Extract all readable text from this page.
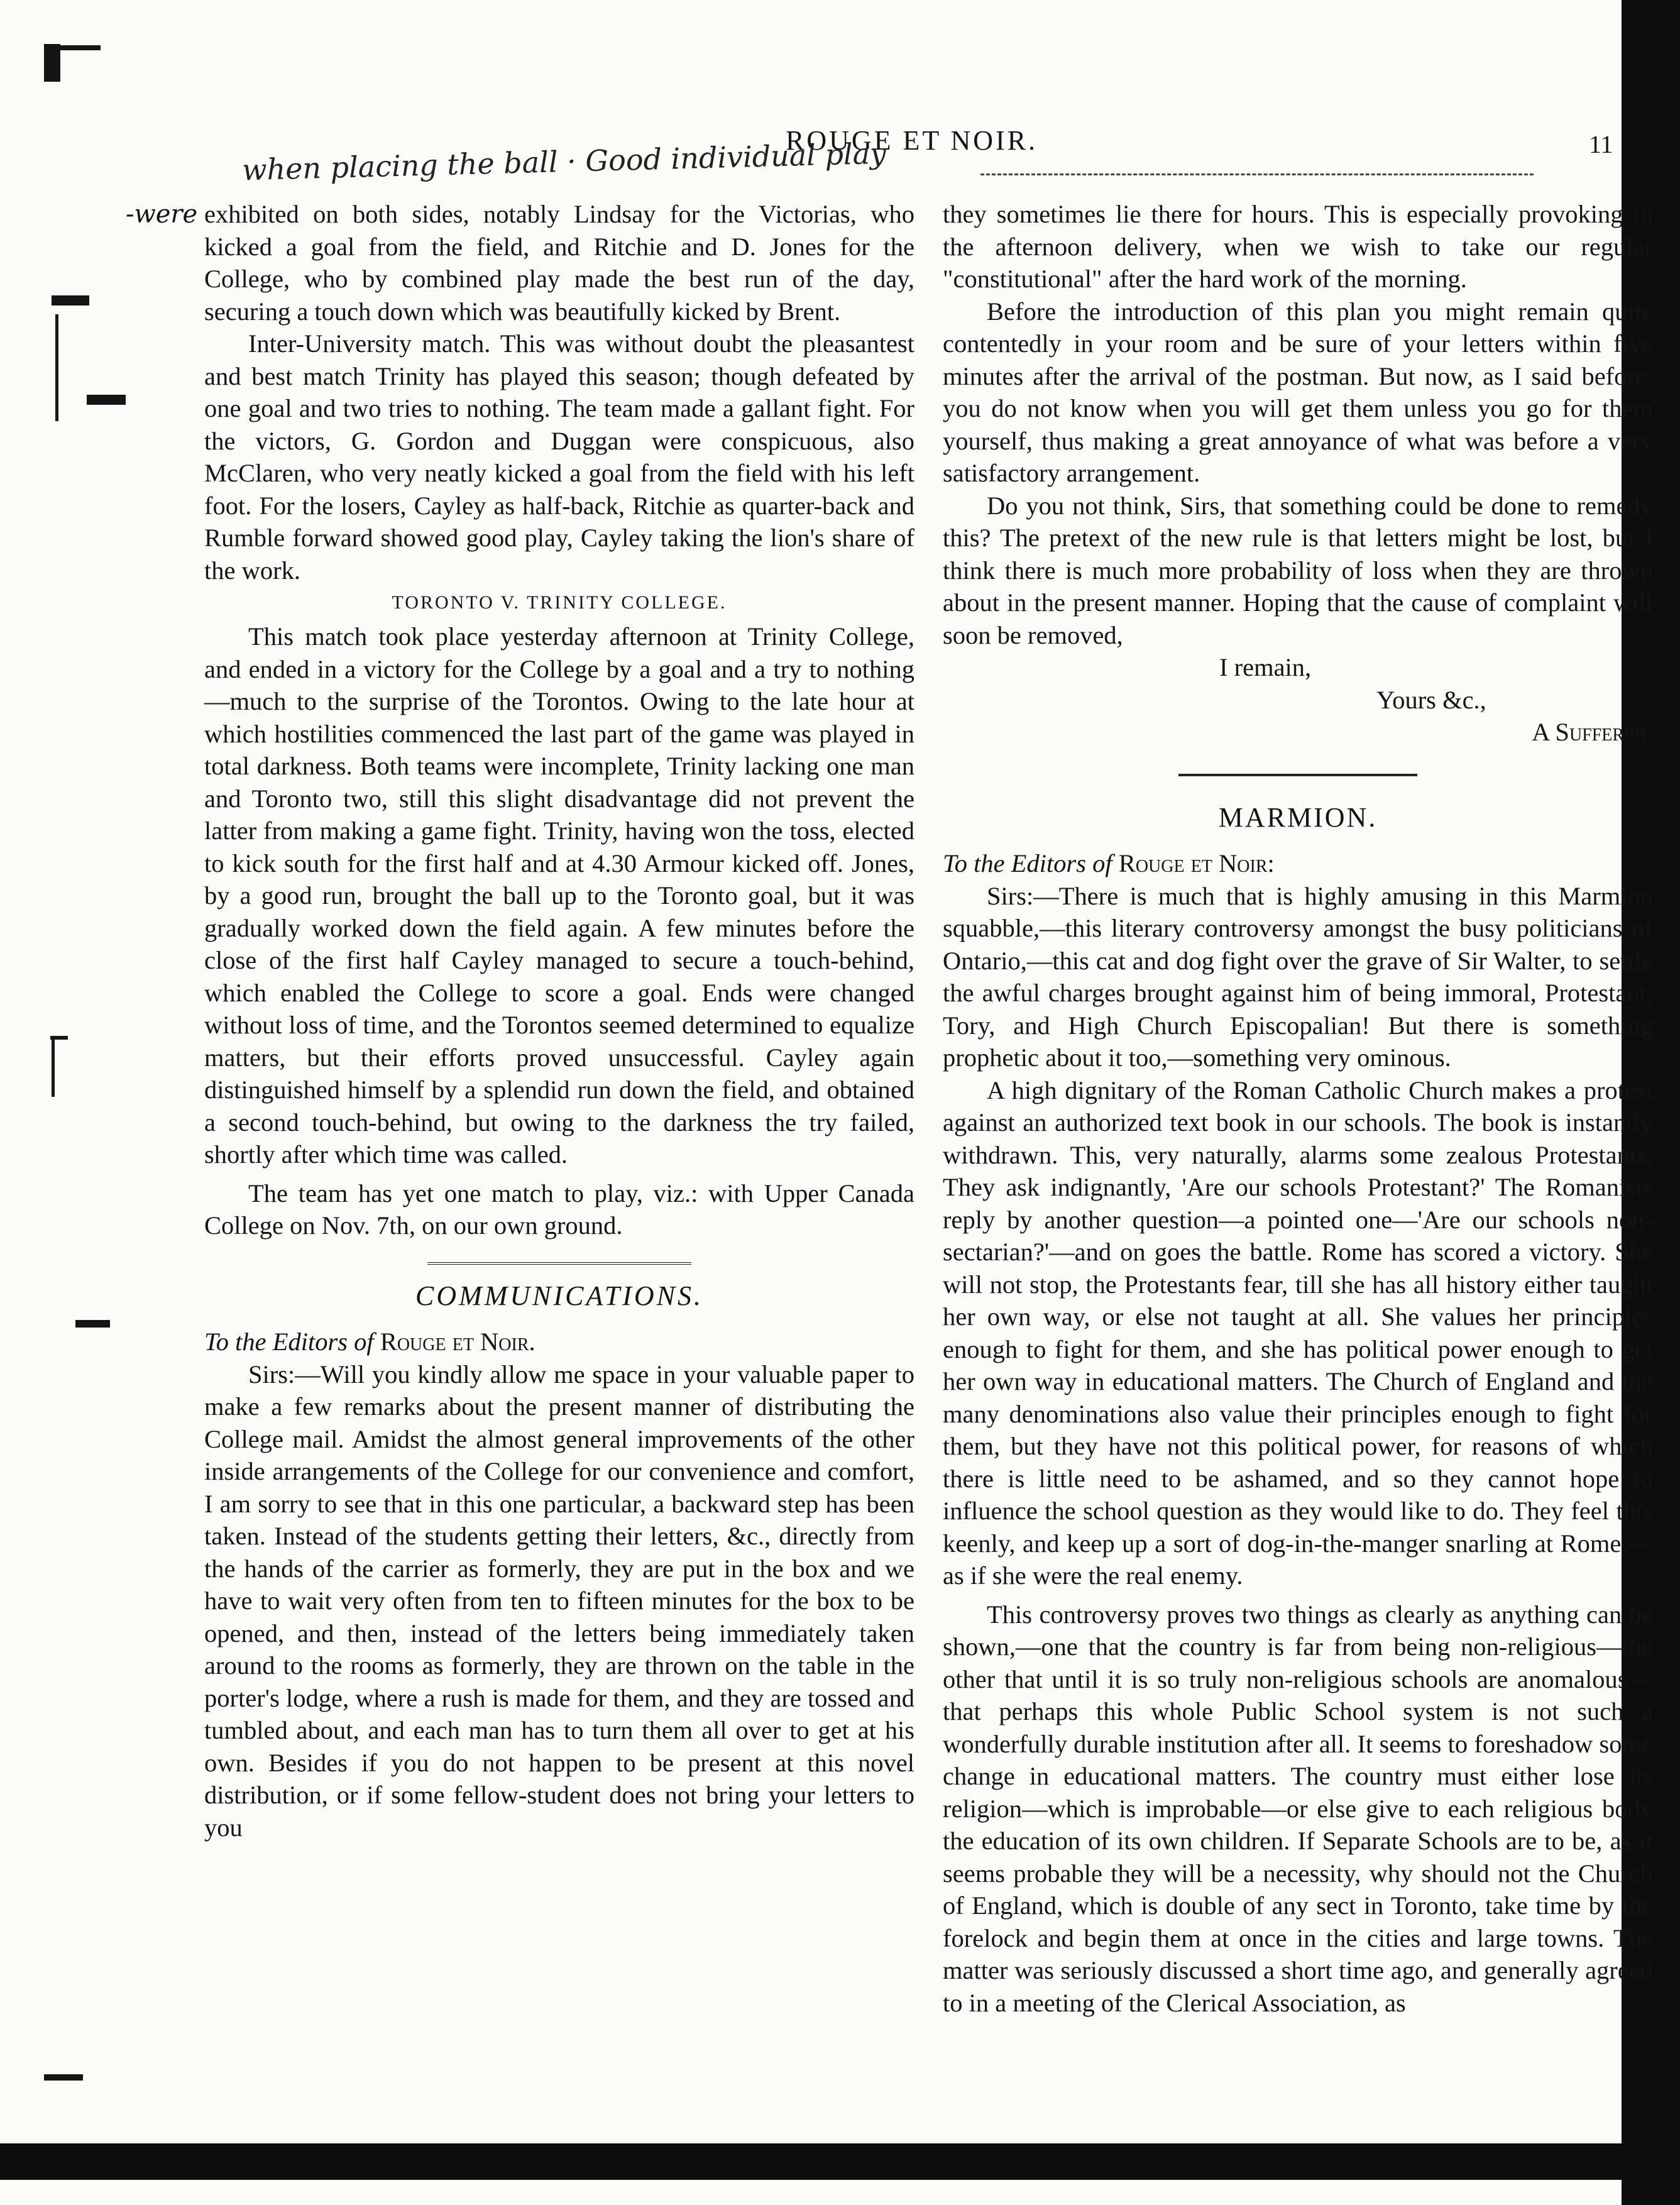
ROUGE ET NOIR.	11
when placing the ball · Good individual play
-were exhibited on both sides, notably Lindsay for the Victorias, who kicked a goal from the field, and Ritchie and D. Jones for the College, who by combined play made the best run of the day, securing a touch down which was beautifully kicked by Brent.

Inter-University match. This was without doubt the pleasantest and best match Trinity has played this season; though defeated by one goal and two tries to nothing. The team made a gallant fight. For the victors, G. Gordon and Duggan were conspicuous, also McClaren, who very neatly kicked a goal from the field with his left foot. For the losers, Cayley as half-back, Ritchie as quarter-back and Rumble forward showed good play, Cayley taking the lion's share of the work.

TORONTO V. TRINITY COLLEGE.

This match took place yesterday afternoon at Trinity College, and ended in a victory for the College by a goal and a try to nothing—much to the surprise of the Torontos. Owing to the late hour at which hostilities commenced the last part of the game was played in total darkness. Both teams were incomplete, Trinity lacking one man and Toronto two, still this slight disadvantage did not prevent the latter from making a game fight. Trinity, having won the toss, elected to kick south for the first half and at 4.30 Armour kicked off. Jones, by a good run, brought the ball up to the Toronto goal, but it was gradually worked down the field again. A few minutes before the close of the first half Cayley managed to secure a touch-behind, which enabled the College to score a goal. Ends were changed without loss of time, and the Torontos seemed determined to equalize matters, but their efforts proved unsuccessful. Cayley again distinguished himself by a splendid run down the field, and obtained a second touch-behind, but owing to the darkness the try failed, shortly after which time was called.

The team has yet one match to play, viz.: with Upper Canada College on Nov. 7th, on our own ground.

COMMUNICATIONS.

To the Editors of Rouge et Noir.

Sirs:—Will you kindly allow me space in your valuable paper to make a few remarks about the present manner of distributing the College mail. Amidst the almost general improvements of the other inside arrangements of the College for our convenience and comfort, I am sorry to see that in this one particular, a backward step has been taken. Instead of the students getting their letters, &c., directly from the hands of the carrier as formerly, they are put in the box and we have to wait very often from ten to fifteen minutes for the box to be opened, and then, instead of the letters being immediately taken around to the rooms as formerly, they are thrown on the table in the porter's lodge, where a rush is made for them, and they are tossed and tumbled about, and each man has to turn them all over to get at his own. Besides if you do not happen to be present at this novel distribution, or if some fellow-student does not bring your letters to you

they sometimes lie there for hours. This is especially provoking in the afternoon delivery, when we wish to take our regular "constitutional" after the hard work of the morning.

Before the introduction of this plan you might remain quite contentedly in your room and be sure of your letters within five minutes after the arrival of the postman. But now, as I said before, you do not know when you will get them unless you go for them yourself, thus making a great annoyance of what was before a very satisfactory arrangement.

Do you not think, Sirs, that something could be done to remedy this? The pretext of the new rule is that letters might be lost, but I think there is much more probability of loss when they are thrown about in the present manner. Hoping that the cause of complaint will soon be removed,

I remain,

Yours &c.,

A Sufferer.

MARMION.

To the Editors of Rouge et Noir:

Sirs:—There is much that is highly amusing in this Marmion squabble,—this literary controversy amongst the busy politicians of Ontario,—this cat and dog fight over the grave of Sir Walter, to settle the awful charges brought against him of being immoral, Protestant, Tory, and High Church Episcopalian! But there is something prophetic about it too,—something very ominous.

A high dignitary of the Roman Catholic Church makes a protest against an authorized text book in our schools. The book is instantly withdrawn. This, very naturally, alarms some zealous Protestants. They ask indignantly, 'Are our schools Protestant?' The Romanists reply by another question—a pointed one—'Are our schools non-sectarian?'—and on goes the battle. Rome has scored a victory. She will not stop, the Protestants fear, till she has all history either taught her own way, or else not taught at all. She values her principles enough to fight for them, and she has political power enough to get her own way in educational matters. The Church of England and the many denominations also value their principles enough to fight for them, but they have not this political power, for reasons of which there is little need to be ashamed, and so they cannot hope to influence the school question as they would like to do. They feel this keenly, and keep up a sort of dog-in-the-manger snarling at Rome,—as if she were the real enemy.

This controversy proves two things as clearly as anything can be shown,—one that the country is far from being non-religious—the other that until it is so truly non-religious schools are anomalous—that perhaps this whole Public School system is not such a wonderfully durable institution after all. It seems to foreshadow some change in educational matters. The country must either lose its religion—which is improbable—or else give to each religious body the education of its own children. If Separate Schools are to be, as it seems probable they will be a necessity, why should not the Church of England, which is double of any sect in Toronto, take time by the forelock and begin them at once in the cities and large towns. The matter was seriously discussed a short time ago, and generally agreed to in a meeting of the Clerical Association, as
